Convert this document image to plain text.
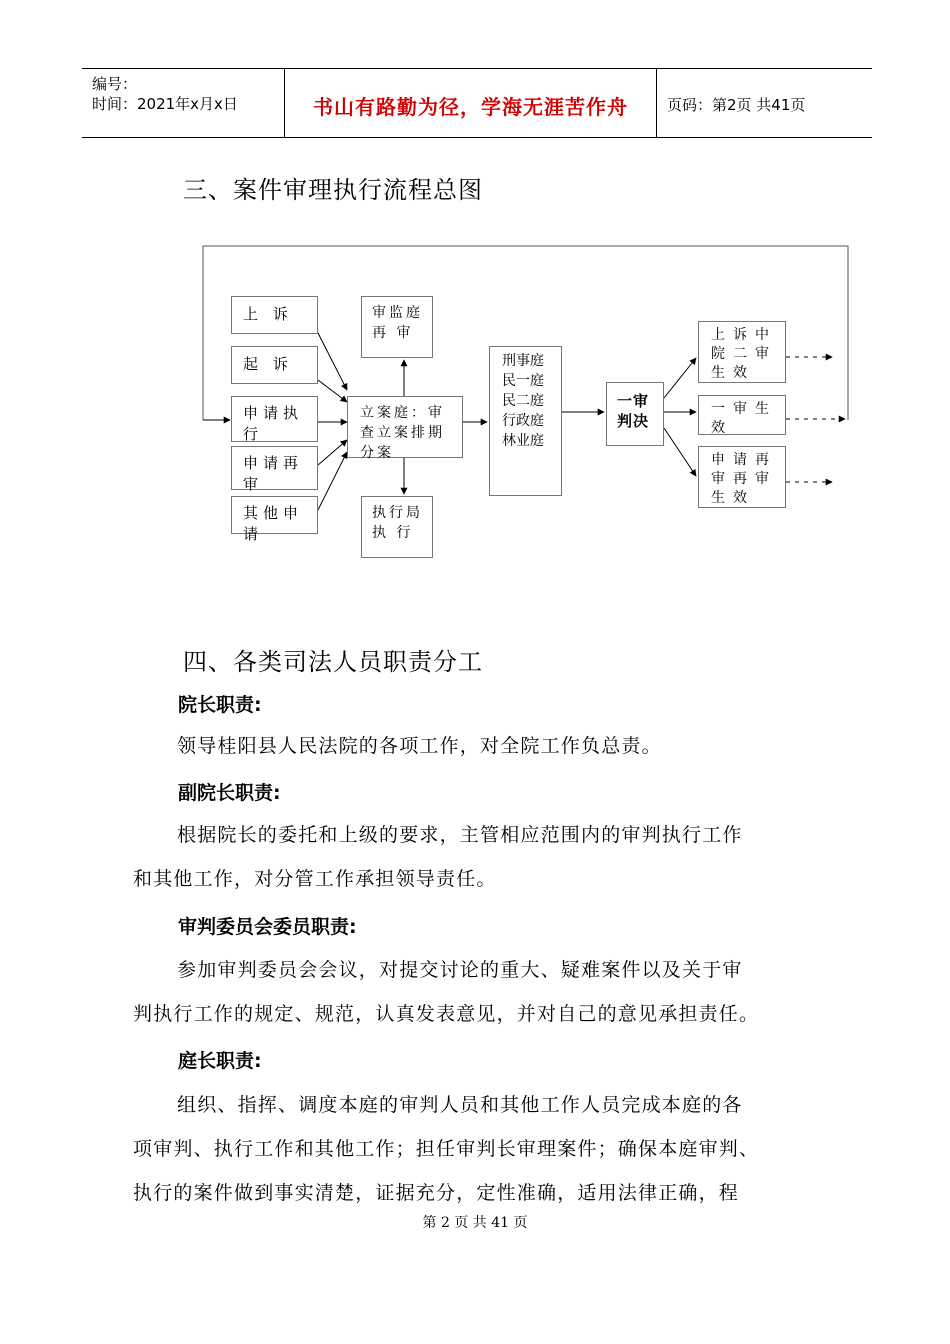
编号：
时间：2021年x月x日	书山有路勤为径，学海无涯苦作舟	页码：第2页 共41页
三、案件审理执行流程总图
上 诉
起 诉
申请执行
申请再审
其他申请
立案庭：审查立案排期分案
审监庭再 审
执行局执 行
刑事庭
民一庭
民二庭
行政庭
林业庭
一审判决
上诉中院二审生效
一审生效
申请再审再审生效
四、各类司法人员职责分工
院长职责:
领导桂阳县人民法院的各项工作，对全院工作负总责。
副院长职责:
根据院长的委托和上级的要求，主管相应范围内的审判执行工作
和其他工作，对分管工作承担领导责任。
审判委员会委员职责:
参加审判委员会会议，对提交讨论的重大、疑难案件以及关于审
判执行工作的规定、规范，认真发表意见，并对自己的意见承担责任。
庭长职责:
组织、指挥、调度本庭的审判人员和其他工作人员完成本庭的各
项审判、执行工作和其他工作；担任审判长审理案件；确保本庭审判、
执行的案件做到事实清楚，证据充分，定性准确，适用法律正确，程
第 2 页 共 41 页
